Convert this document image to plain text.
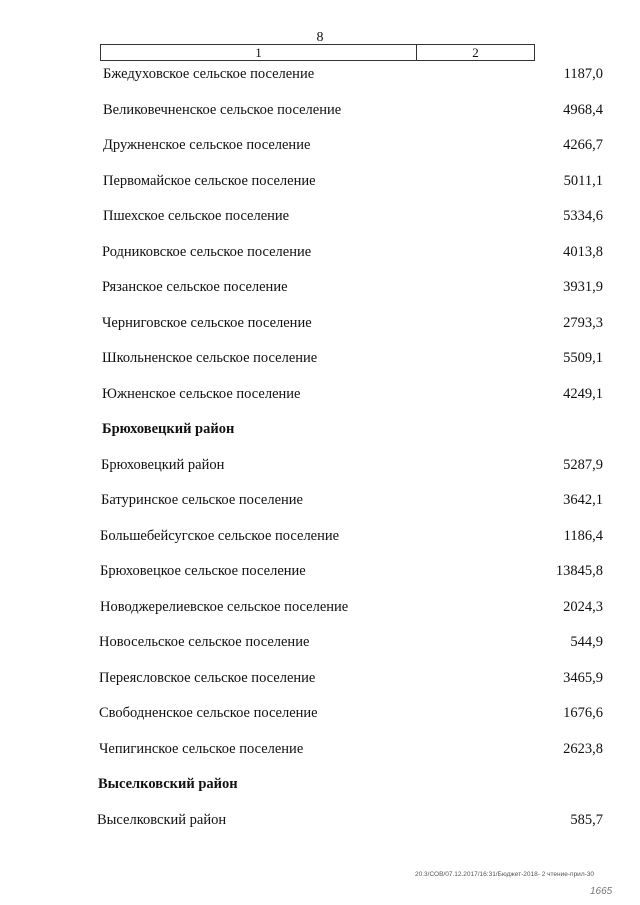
8
1	2
Бжедуховское сельское поселение	1187,0
Великовечненское сельское поселение	4968,4
Дружненское сельское поселение	4266,7
Первомайское сельское поселение	5011,1
Пшехское сельское поселение	5334,6
Родниковское сельское поселение	4013,8
Рязанское сельское поселение	3931,9
Черниговское сельское поселение	2793,3
Школьненское сельское поселение	5509,1
Южненское сельское поселение	4249,1
Брюховецкий район
Брюховецкий район	5287,9
Батуринское сельское поселение	3642,1
Большебейсугское сельское поселение	1186,4
Брюховецкое сельское поселение	13845,8
Новоджерелиевское сельское поселение	2024,3
Новосельское сельское поселение	544,9
Переясловское сельское поселение	3465,9
Свободненское сельское поселение	1676,6
Чепигинское сельское поселение	2623,8
Выселковский район
Выселковский район	585,7
20.3/СОВ/07.12.2017/16:31/Бюджет-2018- 2 чтение-прил-30
1665
